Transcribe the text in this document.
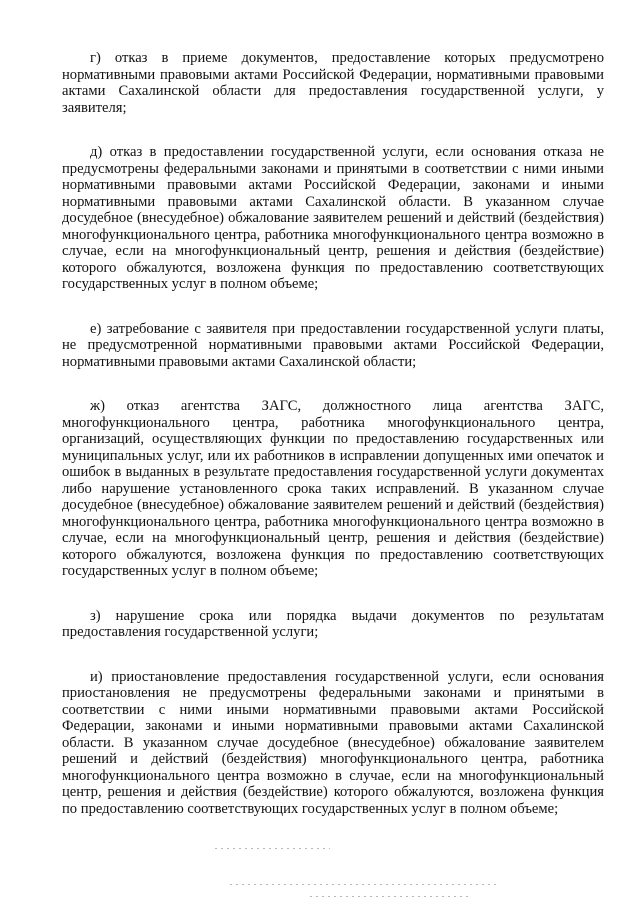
г) отказ в приеме документов, предоставление которых предусмотрено нормативными правовыми актами Российской Федерации, нормативными правовыми актами Сахалинской области для предоставления государственной услуги, у заявителя;

д) отказ в предоставлении государственной услуги, если основания отказа не предусмотрены федеральными законами и принятыми в соответствии с ними иными нормативными правовыми актами Российской Федерации, законами и иными нормативными правовыми актами Сахалинской области. В указанном случае досудебное (внесудебное) обжалование заявителем решений и действий (бездействия) многофункционального центра, работника многофункционального центра возможно в случае, если на многофункциональный центр, решения и действия (бездействие) которого обжалуются, возложена функция по предоставлению соответствующих государственных услуг в полном объеме;

е) затребование с заявителя при предоставлении государственной услуги платы, не предусмотренной нормативными правовыми актами Российской Федерации, нормативными правовыми актами Сахалинской области;

ж) отказ агентства ЗАГС, должностного лица агентства ЗАГС, многофункционального центра, работника многофункционального центра, организаций, осуществляющих функции по предоставлению государственных или муниципальных услуг, или их работников в исправлении допущенных ими опечаток и ошибок в выданных в результате предоставления государственной услуги документах либо нарушение установленного срока таких исправлений. В указанном случае досудебное (внесудебное) обжалование заявителем решений и действий (бездействия) многофункционального центра, работника многофункционального центра возможно в случае, если на многофункциональный центр, решения и действия (бездействие) которого обжалуются, возложена функция по предоставлению соответствующих государственных услуг в полном объеме;

з) нарушение срока или порядка выдачи документов по результатам предоставления государственной услуги;

и) приостановление предоставления государственной услуги, если основания приостановления не предусмотрены федеральными законами и принятыми в соответствии с ними иными нормативными правовыми актами Российской Федерации, законами и иными нормативными правовыми актами Сахалинской области. В указанном случае досудебное (внесудебное) обжалование заявителем решений и действий (бездействия) многофункционального центра, работника многофункционального центра возможно в случае, если на многофункциональный центр, решения и действия (бездействие) которого обжалуются, возложена функция по предоставлению соответствующих государственных услуг в полном объеме;
